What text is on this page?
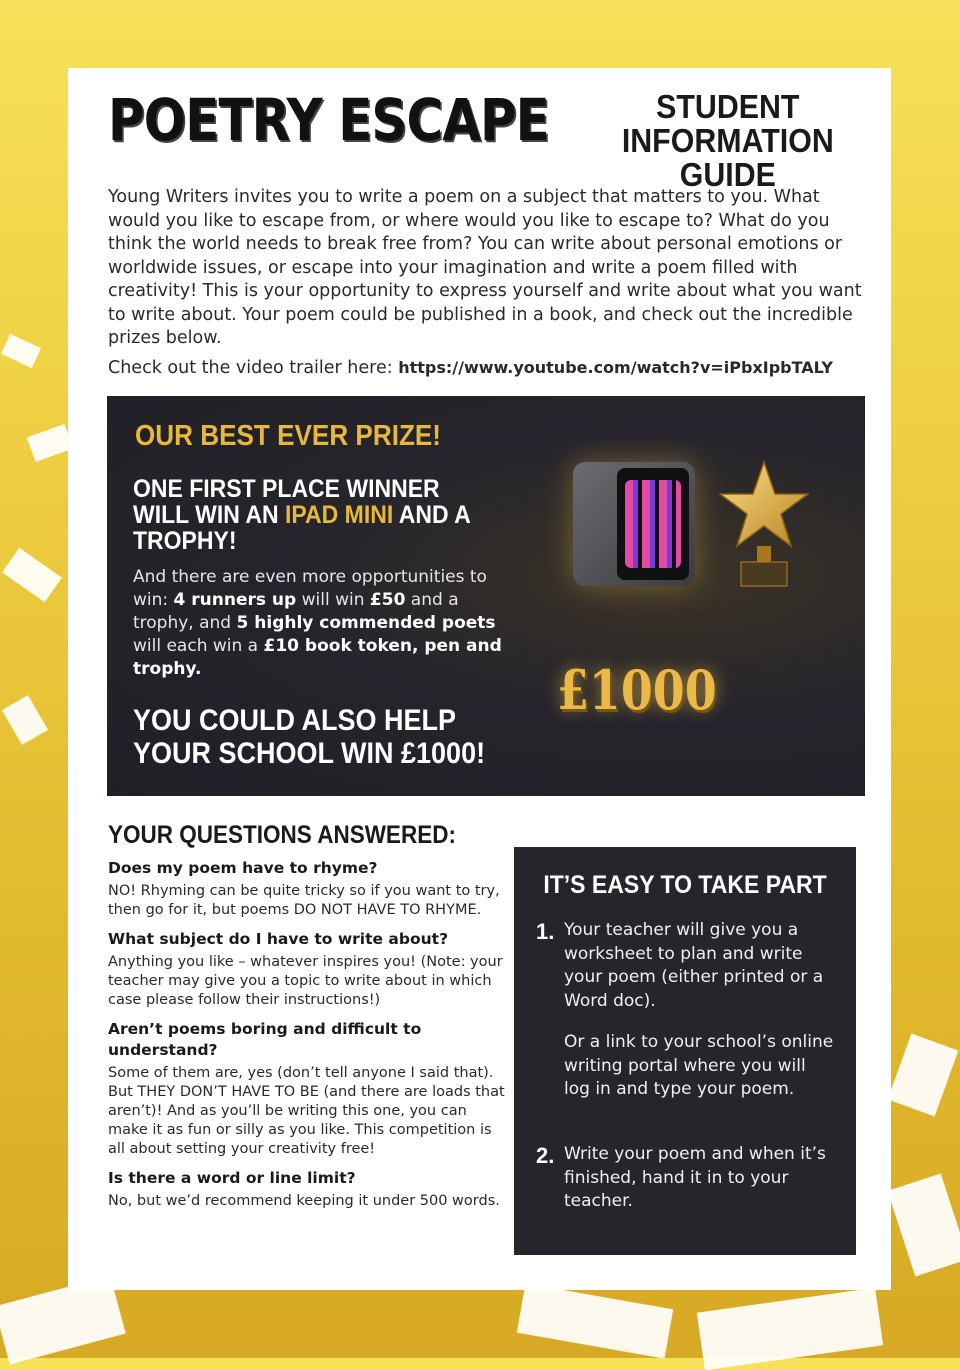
POETRY ESCAPE	STUDENT
INFORMATION GUIDE
Young Writers invites you to write a poem on a subject that matters to you. What would you like to escape from, or where would you like to escape to? What do you think the world needs to break free from? You can write about personal emotions or worldwide issues, or escape into your imagination and write a poem filled with creativity! This is your opportunity to express yourself and write about what you want to write about. Your poem could be published in a book, and check out the incredible prizes below.
Check out the video trailer here: https://www.youtube.com/watch?v=iPbxIpbTALY
OUR BEST EVER PRIZE!
ONE FIRST PLACE WINNER WILL WIN AN IPAD MINI AND A TROPHY!
And there are even more opportunities to win: 4 runners up will win £50 and a trophy, and 5 highly commended poets will each win a £10 book token, pen and trophy.
YOU COULD ALSO HELP YOUR SCHOOL WIN £1000!
£1000
YOUR QUESTIONS ANSWERED:
Does my poem have to rhyme?
NO! Rhyming can be quite tricky so if you want to try, then go for it, but poems DO NOT HAVE TO RHYME.
What subject do I have to write about?
Anything you like – whatever inspires you! (Note: your teacher may give you a topic to write about in which case please follow their instructions!)
Aren’t poems boring and difficult to understand?
Some of them are, yes (don’t tell anyone I said that). But THEY DON’T HAVE TO BE (and there are loads that aren’t)! And as you’ll be writing this one, you can make it as fun or silly as you like. This competition is all about setting your creativity free!
Is there a word or line limit?
No, but we’d recommend keeping it under 500 words.
IT’S EASY TO TAKE PART
1. Your teacher will give you a worksheet to plan and write your poem (either printed or a Word doc).
Or a link to your school’s online writing portal where you will log in and type your poem.
2. Write your poem and when it’s finished, hand it in to your teacher.
